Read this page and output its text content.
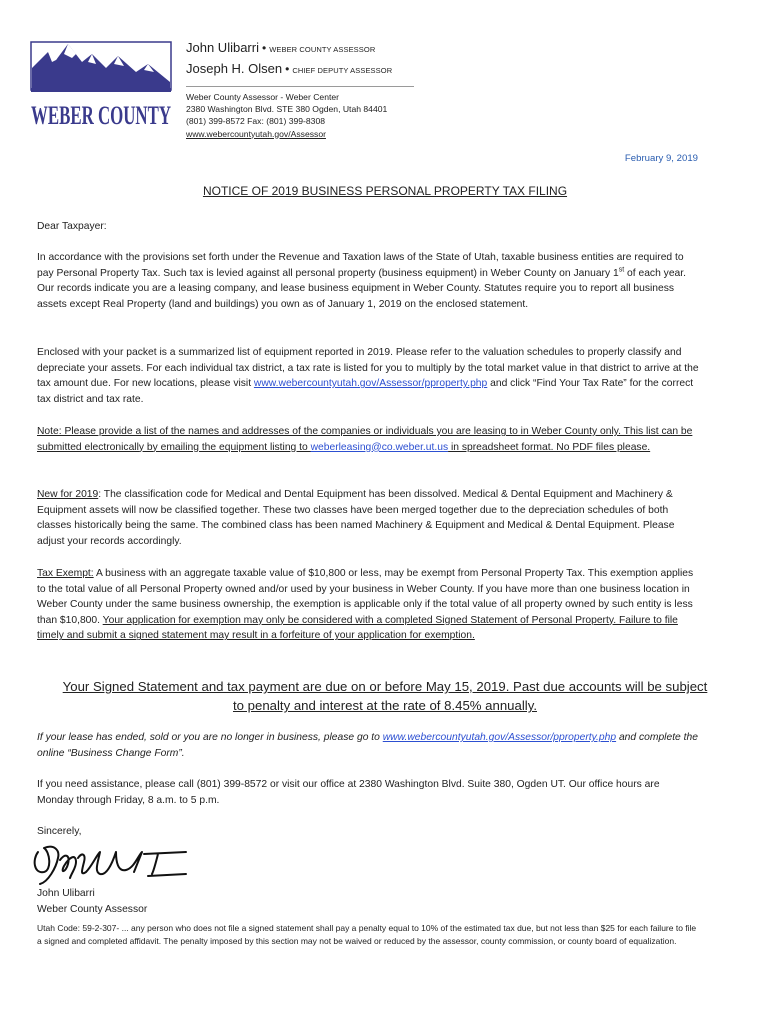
WEBER COUNTY
John Ulibarri • WEBER COUNTY ASSESSOR
Joseph H. Olsen • CHIEF DEPUTY ASSESSOR
Weber County Assessor - Weber Center
2380 Washington Blvd. STE 380 Ogden, Utah 84401
(801) 399-8572 Fax: (801) 399-8308
www.webercountyutah.gov/Assessor
February 9, 2019
NOTICE OF 2019 BUSINESS PERSONAL PROPERTY TAX FILING
Dear Taxpayer:

In accordance with the provisions set forth under the Revenue and Taxation laws of the State of Utah, taxable business entities are required to pay Personal Property Tax. Such tax is levied against all personal property (business equipment) in Weber County on January 1st of each year. Our records indicate you are a leasing company, and lease business equipment in Weber County. Statutes require you to report all business assets except Real Property (land and buildings) you own as of January 1, 2019 on the enclosed statement.

Enclosed with your packet is a summarized list of equipment reported in 2019. Please refer to the valuation schedules to properly classify and depreciate your assets. For each individual tax district, a tax rate is listed for you to multiply by the total market value in that district to arrive at the tax amount due. For new locations, please visit www.webercountyutah.gov/Assessor/pproperty.php and click “Find Your Tax Rate” for the correct tax district and tax rate.

Note: Please provide a list of the names and addresses of the companies or individuals you are leasing to in Weber County only. This list can be submitted electronically by emailing the equipment listing to weberleasing@co.weber.ut.us in spreadsheet format. No PDF files please.

New for 2019: The classification code for Medical and Dental Equipment has been dissolved. Medical & Dental Equipment and Machinery & Equipment assets will now be classified together. These two classes have been merged together due to the depreciation schedules of both classes historically being the same. The combined class has been named Machinery & Equipment and Medical & Dental Equipment. Please adjust your records accordingly.

Tax Exempt: A business with an aggregate taxable value of $10,800 or less, may be exempt from Personal Property Tax. This exemption applies to the total value of all Personal Property owned and/or used by your business in Weber County. If you have more than one business location in Weber County under the same business ownership, the exemption is applicable only if the total value of all property owned by such entity is less than $10,800. Your application for exemption may only be considered with a completed Signed Statement of Personal Property. Failure to file timely and submit a signed statement may result in a forfeiture of your application for exemption.

Your Signed Statement and tax payment are due on or before May 15, 2019. Past due accounts will be subject
to penalty and interest at the rate of 8.45% annually.

If your lease has ended, sold or you are no longer in business, please go to www.webercountyutah.gov/Assessor/pproperty.php and complete the online “Business Change Form”.

If you need assistance, please call (801) 399-8572 or visit our office at 2380 Washington Blvd. Suite 380, Ogden UT. Our office hours are Monday through Friday, 8 a.m. to 5 p.m.
Sincerely,
John Ulibarri
Weber County Assessor
Utah Code: 59-2-307- ... any person who does not file a signed statement shall pay a penalty equal to 10% of the estimated tax due, but not less than $25 for each failure to file a signed and completed affidavit. The penalty imposed by this section may not be waived or reduced by the assessor, county commission, or county board of equalization.
